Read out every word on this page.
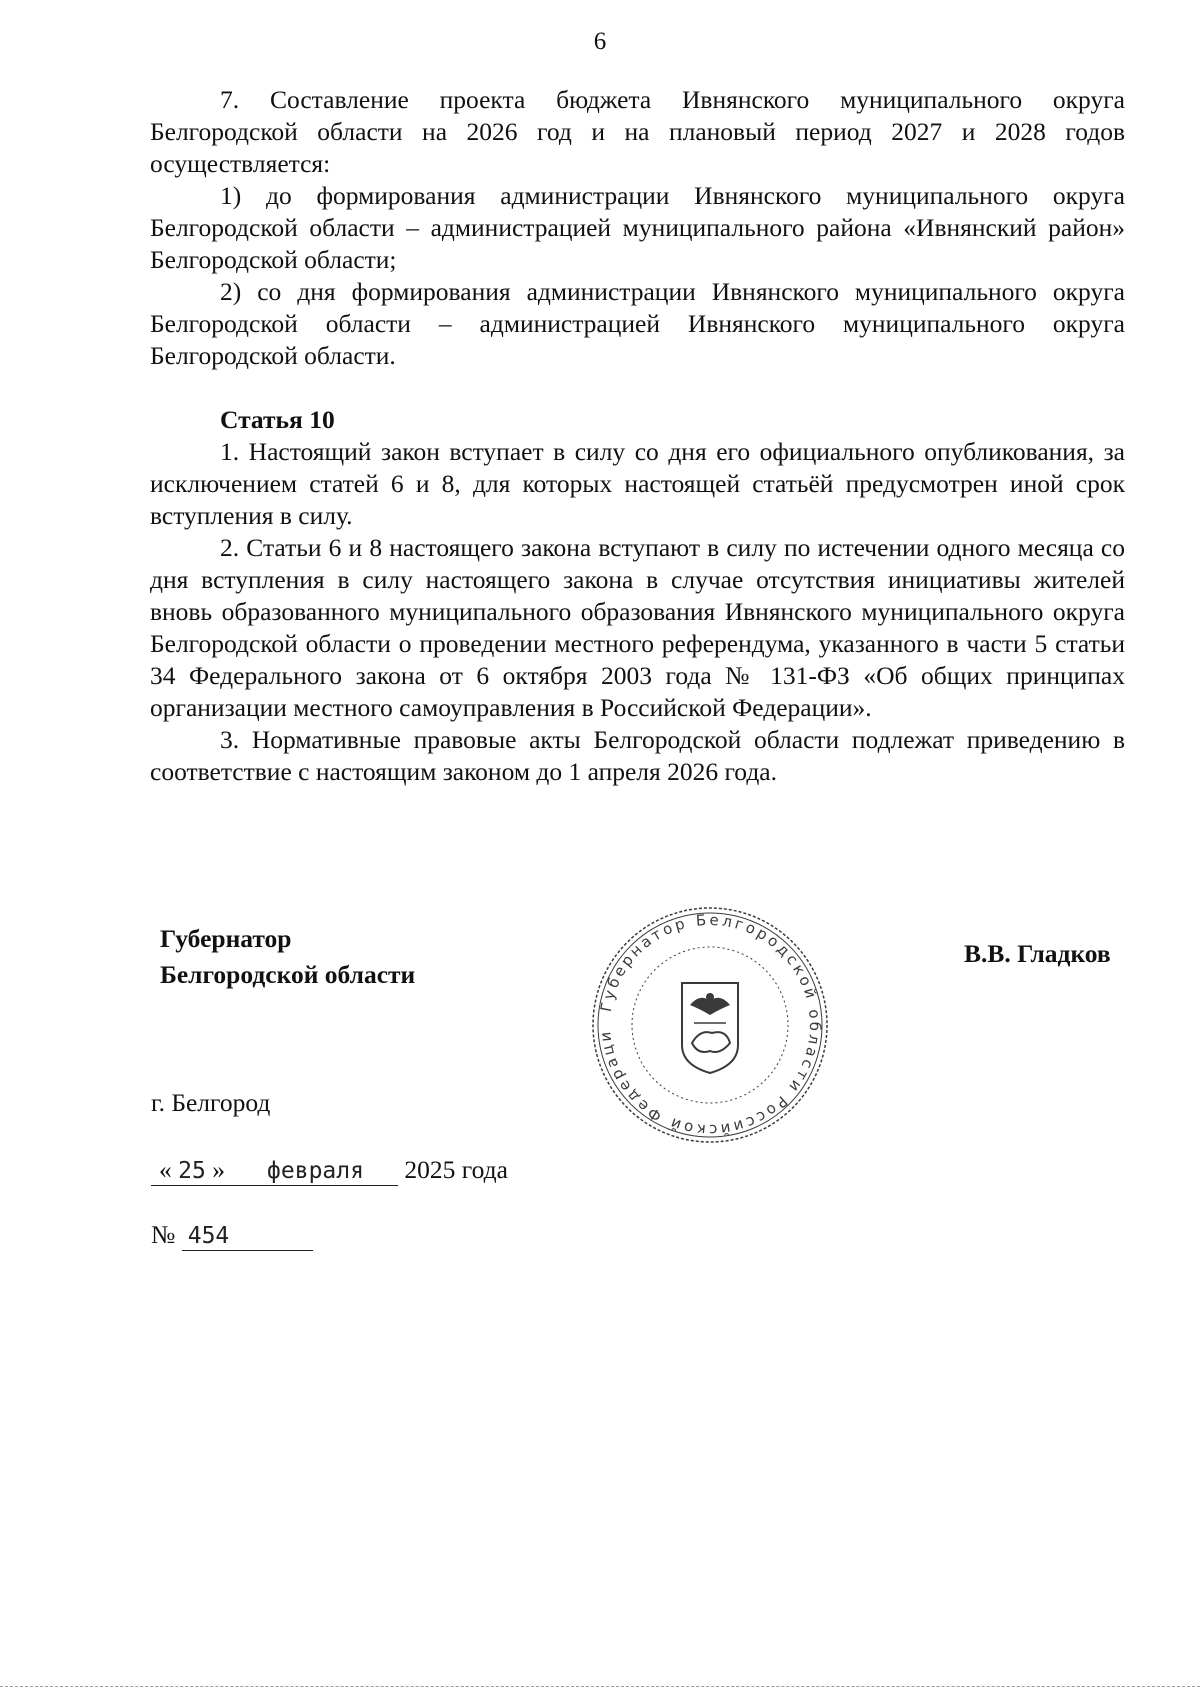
6

7. Составление проекта бюджета Ивнянского муниципального округа Белгородской области на 2026 год и на плановый период 2027 и 2028 годов осуществляется:

1) до формирования администрации Ивнянского муниципального округа Белгородской области – администрацией муниципального района «Ивнянский район» Белгородской области;

2) со дня формирования администрации Ивнянского муниципального округа Белгородской области – администрацией Ивнянского муниципального округа Белгородской области.

Статья 10

1. Настоящий закон вступает в силу со дня его официального опубликования, за исключением статей 6 и 8, для которых настоящей статьёй предусмотрен иной срок вступления в силу.

2. Статьи 6 и 8 настоящего закона вступают в силу по истечении одного месяца со дня вступления в силу настоящего закона в случае отсутствия инициативы жителей вновь образованного муниципального образования Ивнянского муниципального округа Белгородской области о проведении местного референдума, указанного в части 5 статьи 34 Федерального закона от 6 октября 2003 года № 131-ФЗ «Об общих принципах организации местного самоуправления в Российской Федерации».

3. Нормативные правовые акты Белгородской области подлежат приведению в соответствие с настоящим законом до 1 апреля 2026 года.

Губернатор
Белгородской области
Губернатор Белгородской области Российской Федераци
В.В. Гладков
г. Белгород
« 25 » февраля 2025 года
№ 454
